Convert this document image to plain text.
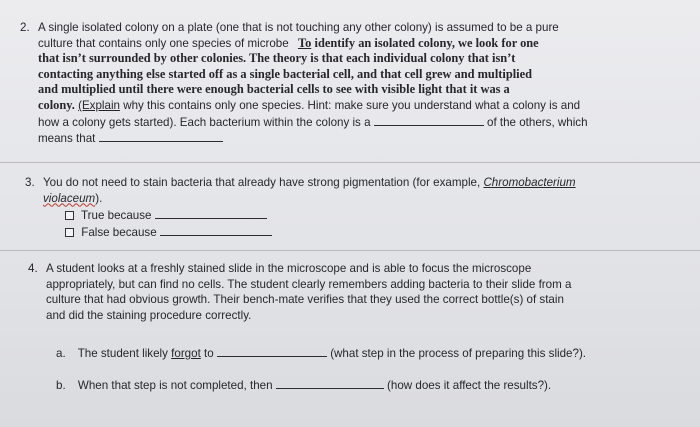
2. A single isolated colony on a plate (one that is not touching any other colony) is assumed to be a pure
culture that contains only one species of microbe To identify an isolated colony, we look for one
that isn’t surrounded by other colonies. The theory is that each individual colony that isn’t
contacting anything else started off as a single bacterial cell, and that cell grew and multiplied
and multiplied until there were enough bacterial cells to see with visible light that it was a
colony. (Explain why this contains only one species. Hint: make sure you understand what a colony is and
how a colony gets started). Each bacterium within the colony is a	of the others, which
means that
3. You do not need to stain bacteria that already have strong pigmentation (for example, Chromobacterium
violaceum).
True because
False because
4. A student looks at a freshly stained slide in the microscope and is able to focus the microscope
appropriately, but can find no cells. The student clearly remembers adding bacteria to their slide from a
culture that had obvious growth. Their bench-mate verifies that they used the correct bottle(s) of stain
and did the staining procedure correctly.
a. The student likely forgot to	(what step in the process of preparing this slide?).
b. When that step is not completed, then	(how does it affect the results?).
